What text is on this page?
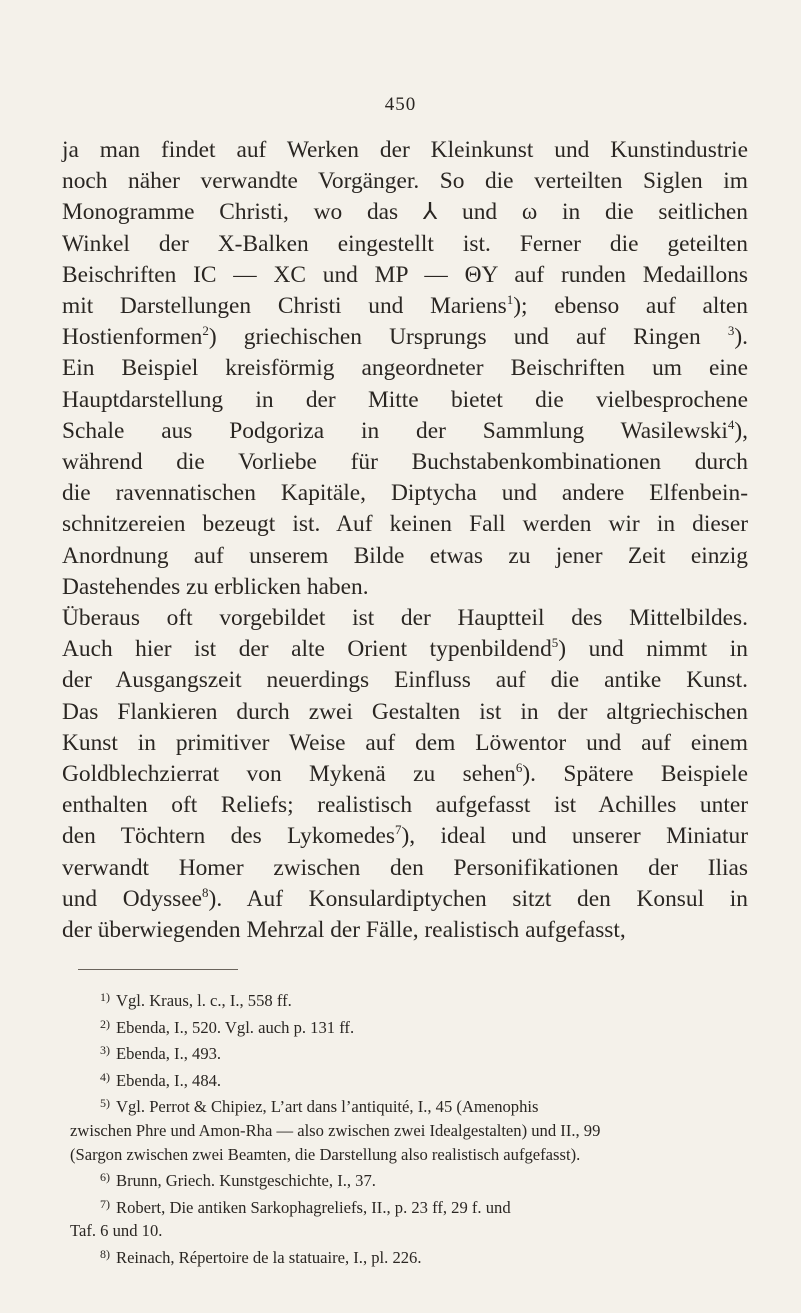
450
ja man findet auf Werken der Kleinkunst und Kunstindustrie
noch näher verwandte Vorgänger. So die verteilten Siglen im
Monogramme Christi, wo das ⅄ und ω in die seitlichen
Winkel der X-Balken eingestellt ist. Ferner die geteilten
Beischriften IC — XC und MP — ΘY auf runden Medaillons
mit Darstellungen Christi und Mariens$^1$); ebenso auf alten
Hostienformen$^2$) griechischen Ursprungs und auf Ringen $^3$).
Ein Beispiel kreisförmig angeordneter Beischriften um eine
Hauptdarstellung in der Mitte bietet die vielbesprochene
Schale aus Podgoriza in der Sammlung Wasilewski$^4$),
während die Vorliebe für Buchstabenkombinationen durch
die ravennatischen Kapitäle, Diptycha und andere Elfenbein-
schnitzereien bezeugt ist. Auf keinen Fall werden wir in dieser
Anordnung auf unserem Bilde etwas zu jener Zeit einzig
Dastehendes zu erblicken haben.
Überaus oft vorgebildet ist der Hauptteil des Mittelbildes.
Auch hier ist der alte Orient typenbildend$^5$) und nimmt in
der Ausgangszeit neuerdings Einfluss auf die antike Kunst.
Das Flankieren durch zwei Gestalten ist in der altgriechischen
Kunst in primitiver Weise auf dem Löwentor und auf einem
Goldblechzierrat von Mykenä zu sehen$^6$). Spätere Beispiele
enthalten oft Reliefs; realistisch aufgefasst ist Achilles unter
den Töchtern des Lykomedes$^7$), ideal und unserer Miniatur
verwandt Homer zwischen den Personifikationen der Ilias
und Odyssee$^8$). Auf Konsulardiptychen sitzt den Konsul in
der überwiegenden Mehrzal der Fälle, realistisch aufgefasst,
1) Vgl. Kraus, l. c., I., 558 ff.
2) Ebenda, I., 520. Vgl. auch p. 131 ff.
3) Ebenda, I., 493.
4) Ebenda, I., 484.
5) Vgl. Perrot & Chipiez, L’art dans l’antiquité, I., 45 (Amenophis
zwischen Phre und Amon-Rha — also zwischen zwei Idealgestalten) und II., 99
(Sargon zwischen zwei Beamten, die Darstellung also realistisch aufgefasst).
6) Brunn, Griech. Kunstgeschichte, I., 37.
7) Robert, Die antiken Sarkophagreliefs, II., p. 23 ff, 29 f. und
Taf. 6 und 10.
8) Reinach, Répertoire de la statuaire, I., pl. 226.
